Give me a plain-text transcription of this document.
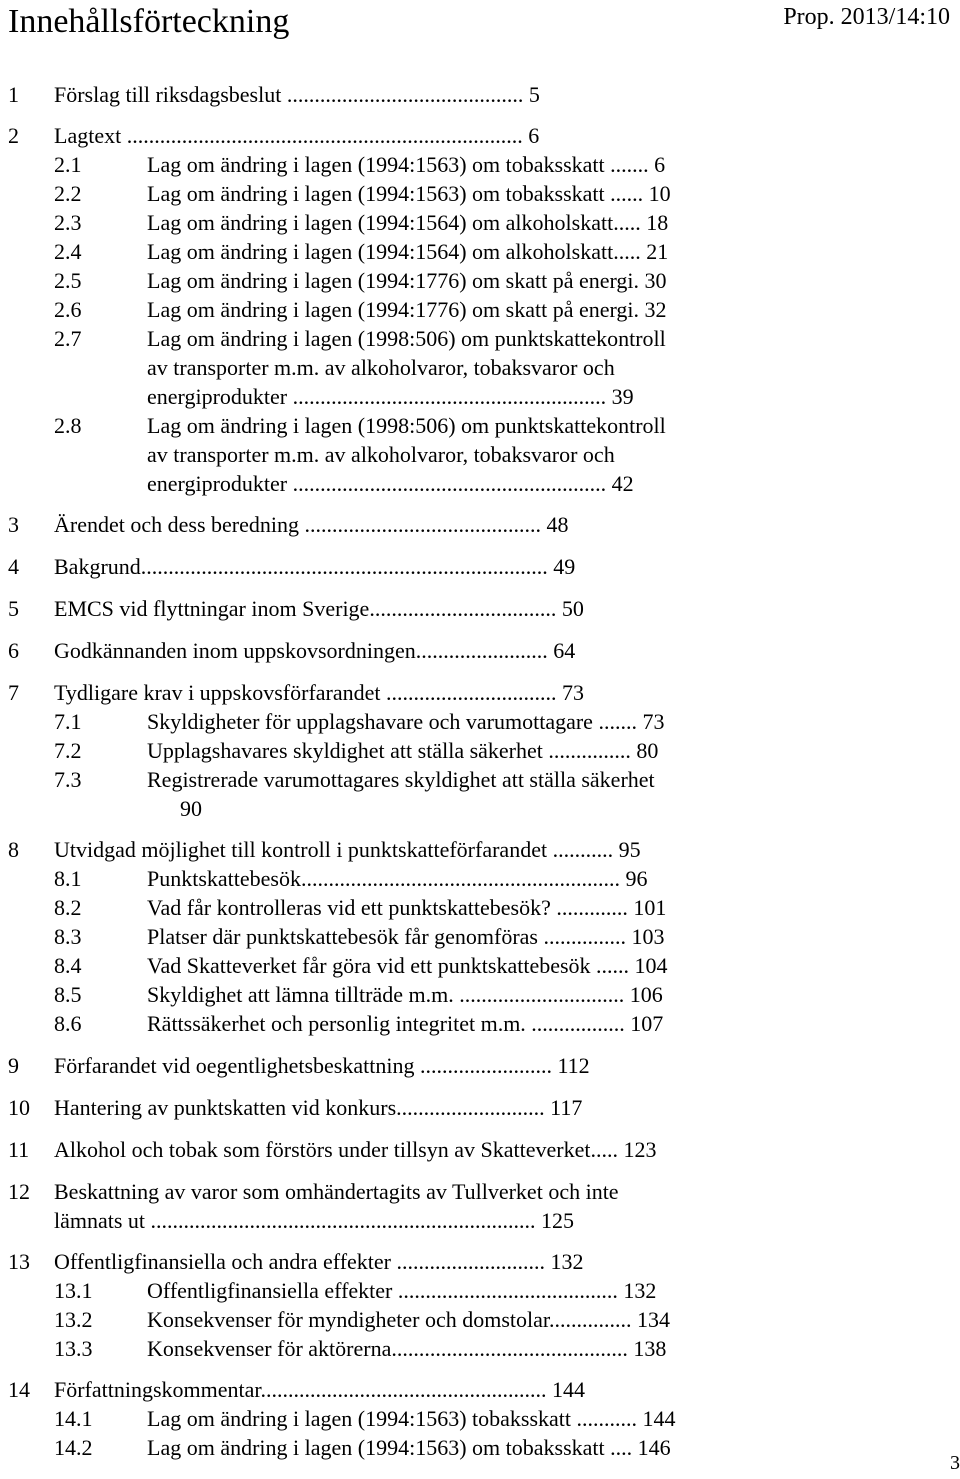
Innehållsförteckning	Prop. 2013/14:10
1 Förslag till riksdagsbeslut ........................................... 5
2 Lagtext ........................................................................ 6
2.1	Lag om ändring i lagen (1994:1563) om tobaksskatt ....... 6
2.2	Lag om ändring i lagen (1994:1563) om tobaksskatt ...... 10
2.3	Lag om ändring i lagen (1994:1564) om alkoholskatt..... 18
2.4	Lag om ändring i lagen (1994:1564) om alkoholskatt..... 21
2.5	Lag om ändring i lagen (1994:1776) om skatt på energi. 30
2.6	Lag om ändring i lagen (1994:1776) om skatt på energi. 32
2.7	Lag om ändring i lagen (1998:506) om punktskattekontroll
av transporter m.m. av alkoholvaror, tobaksvaror och
energiprodukter ......................................................... 39
2.8	Lag om ändring i lagen (1998:506) om punktskattekontroll
av transporter m.m. av alkoholvaror, tobaksvaror och
energiprodukter ......................................................... 42
3 Ärendet och dess beredning ........................................... 48
4 Bakgrund.......................................................................... 49
5 EMCS vid flyttningar inom Sverige.................................. 50
6 Godkännanden inom uppskovsordningen........................ 64
7 Tydligare krav i uppskovsförfarandet ............................... 73
7.1	Skyldigheter för upplagshavare och varumottagare ....... 73
7.2	Upplagshavares skyldighet att ställa säkerhet ............... 80
7.3	Registrerade varumottagares skyldighet att ställa säkerhet
90
8 Utvidgad möjlighet till kontroll i punktskatteförfarandet ........... 95
8.1	Punktskattebesök.......................................................... 96
8.2	Vad får kontrolleras vid ett punktskattebesök? ............. 101
8.3	Platser där punktskattebesök får genomföras ............... 103
8.4	Vad Skatteverket får göra vid ett punktskattebesök ...... 104
8.5	Skyldighet att lämna tillträde m.m. .............................. 106
8.6	Rättssäkerhet och personlig integritet m.m. ................. 107
9 Förfarandet vid oegentlighetsbeskattning ........................ 112
10 Hantering av punktskatten vid konkurs........................... 117
11 Alkohol och tobak som förstörs under tillsyn av Skatteverket..... 123
12 Beskattning av varor som omhändertagits av Tullverket och inte
lämnats ut ...................................................................... 125
13 Offentligfinansiella och andra effekter ........................... 132
13.1 Offentligfinansiella effekter ........................................ 132
13.2 Konsekvenser för myndigheter och domstolar............... 134
13.3 Konsekvenser för aktörerna........................................... 138
14 Författningskommentar.................................................... 144
14.1 Lag om ändring i lagen (1994:1563) tobaksskatt ........... 144
14.2 Lag om ändring i lagen (1994:1563) om tobaksskatt .... 146
3
